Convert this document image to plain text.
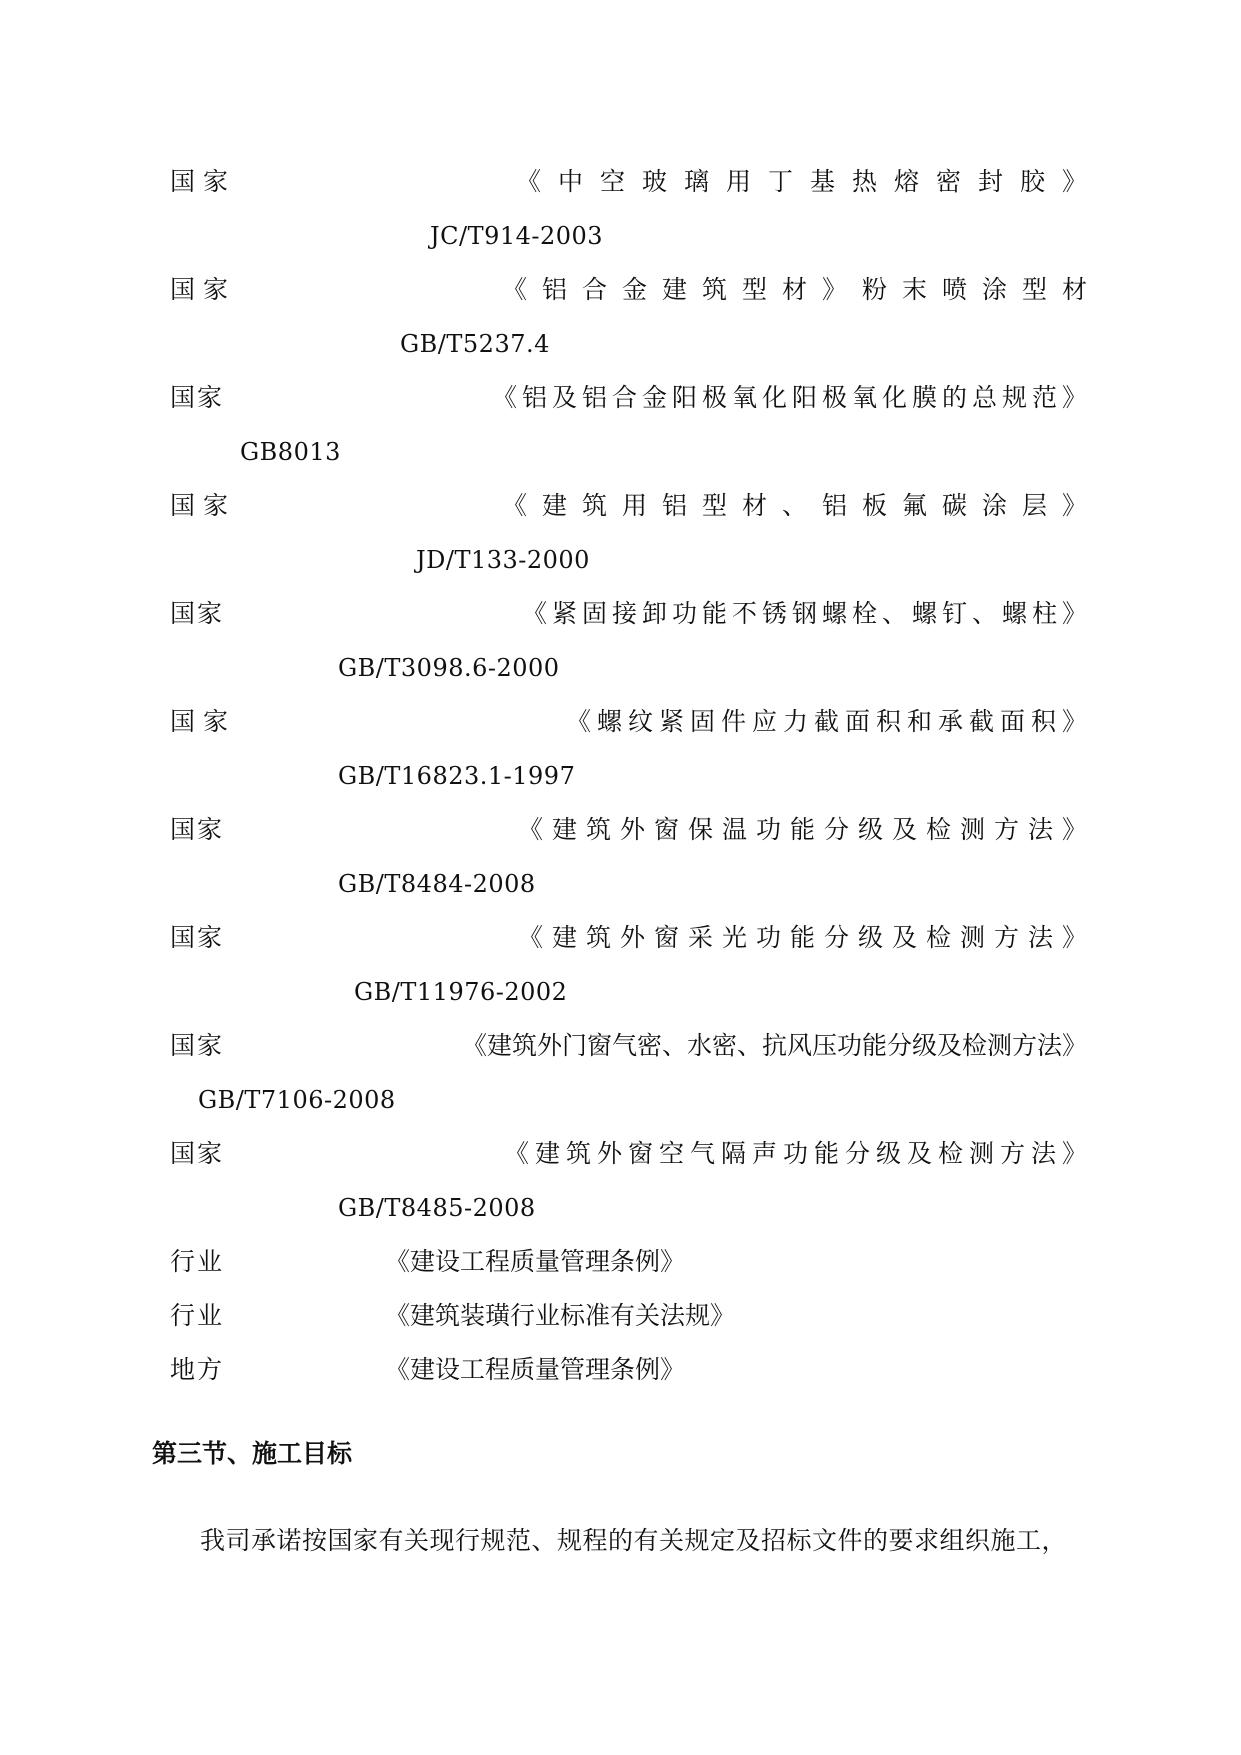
国家	《中空玻璃用丁基热熔密封胶》
JC/T914-2003
国家	《铝合金建筑型材》粉末喷涂型材
GB/T5237.4
国家	《铝及铝合金阳极氧化阳极氧化膜的总规范》
GB8013
国家	《建筑用铝型材、铝板氟碳涂层》
JD/T133-2000
国家	《紧固接卸功能不锈钢螺栓、螺钉、螺柱》
GB/T3098.6-2000
国家	《螺纹紧固件应力截面积和承截面积》
GB/T16823.1-1997
国家	《建筑外窗保温功能分级及检测方法》
GB/T8484-2008
国家	《建筑外窗采光功能分级及检测方法》
GB/T11976-2002
国家	《建筑外门窗气密、水密、抗风压功能分级及检测方法》
GB/T7106-2008
国家	《建筑外窗空气隔声功能分级及检测方法》
GB/T8485-2008
行业	《建设工程质量管理条例》
行业	《建筑装璜行业标准有关法规》
地方	《建设工程质量管理条例》
第三节、施工目标
我司承诺按国家有关现行规范、规程的有关规定及招标文件的要求组织施工，
